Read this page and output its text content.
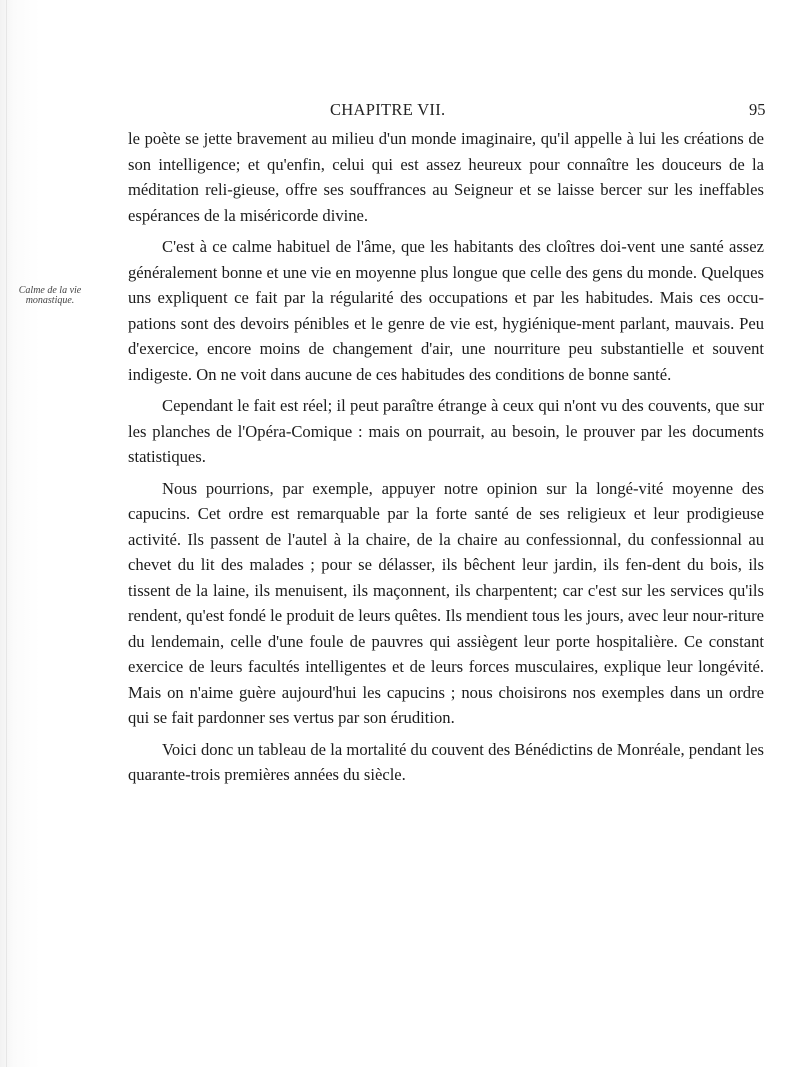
CHAPITRE VII.	95
Calme de la vie
monastique.

le poète se jette bravement au milieu d'un monde imaginaire, qu'il appelle à lui les créations de son intelligence; et qu'enfin, celui qui est assez heureux pour connaître les douceurs de la méditation reli-gieuse, offre ses souffrances au Seigneur et se laisse bercer sur les ineffables espérances de la miséricorde divine.

C'est à ce calme habituel de l'âme, que les habitants des cloîtres doi-vent une santé assez généralement bonne et une vie en moyenne plus longue que celle des gens du monde. Quelques uns expliquent ce fait par la régularité des occupations et par les habitudes. Mais ces occu-pations sont des devoirs pénibles et le genre de vie est, hygiénique-ment parlant, mauvais. Peu d'exercice, encore moins de changement d'air, une nourriture peu substantielle et souvent indigeste. On ne voit dans aucune de ces habitudes des conditions de bonne santé.

Cependant le fait est réel; il peut paraître étrange à ceux qui n'ont vu des couvents, que sur les planches de l'Opéra-Comique : mais on pourrait, au besoin, le prouver par les documents statistiques.

Nous pourrions, par exemple, appuyer notre opinion sur la longé-vité moyenne des capucins. Cet ordre est remarquable par la forte santé de ses religieux et leur prodigieuse activité. Ils passent de l'autel à la chaire, de la chaire au confessionnal, du confessionnal au chevet du lit des malades ; pour se délasser, ils bêchent leur jardin, ils fen-dent du bois, ils tissent de la laine, ils menuisent, ils maçonnent, ils charpentent; car c'est sur les services qu'ils rendent, qu'est fondé le produit de leurs quêtes. Ils mendient tous les jours, avec leur nour-riture du lendemain, celle d'une foule de pauvres qui assiègent leur porte hospitalière. Ce constant exercice de leurs facultés intelligentes et de leurs forces musculaires, explique leur longévité. Mais on n'aime guère aujourd'hui les capucins ; nous choisirons nos exemples dans un ordre qui se fait pardonner ses vertus par son érudition.

Voici donc un tableau de la mortalité du couvent des Bénédictins de Monréale, pendant les quarante-trois premières années du siècle.
